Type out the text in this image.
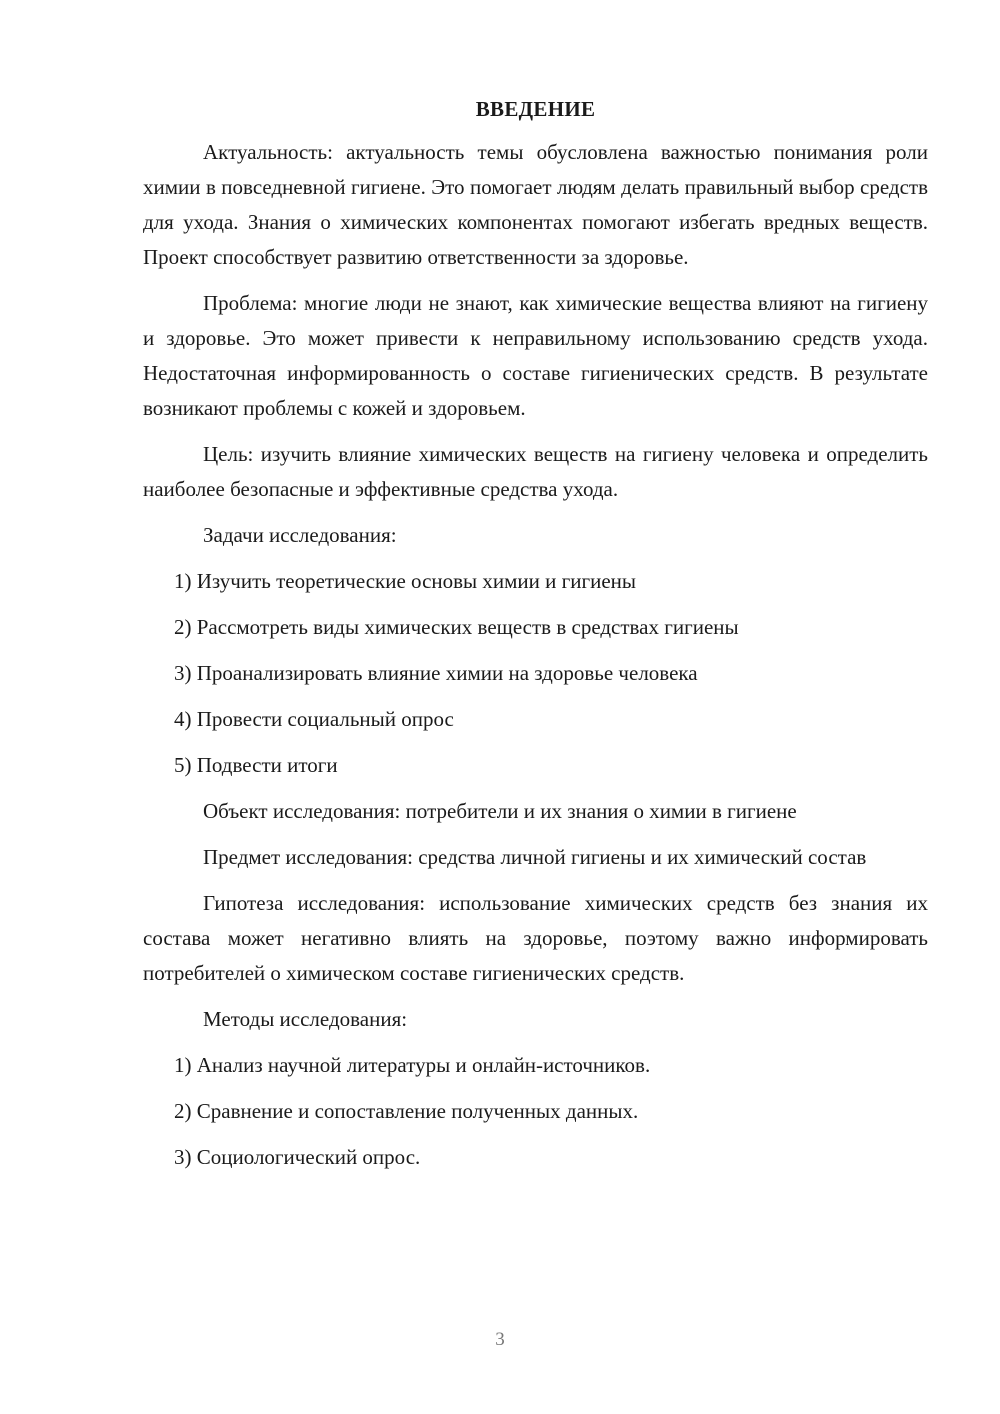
ВВЕДЕНИЕ

Актуальность: актуальность темы обусловлена важностью понимания роли химии в повседневной гигиене. Это помогает людям делать правильный выбор средств для ухода. Знания о химических компонентах помогают избегать вредных веществ. Проект способствует развитию ответственности за здоровье.

Проблема: многие люди не знают, как химические вещества влияют на гигиену и здоровье. Это может привести к неправильному использованию средств ухода. Недостаточная информированность о составе гигиенических средств. В результате возникают проблемы с кожей и здоровьем.

Цель: изучить влияние химических веществ на гигиену человека и определить наиболее безопасные и эффективные средства ухода.

Задачи исследования:

1) Изучить теоретические основы химии и гигиены

2) Рассмотреть виды химических веществ в средствах гигиены

3) Проанализировать влияние химии на здоровье человека

4) Провести социальный опрос

5) Подвести итоги

Объект исследования: потребители и их знания о химии в гигиене

Предмет исследования: средства личной гигиены и их химический состав

Гипотеза исследования: использование химических средств без знания их состава может негативно влиять на здоровье, поэтому важно информировать потребителей о химическом составе гигиенических средств.

Методы исследования:

1) Анализ научной литературы и онлайн-источников.

2) Сравнение и сопоставление полученных данных.

3) Социологический опрос.

3
